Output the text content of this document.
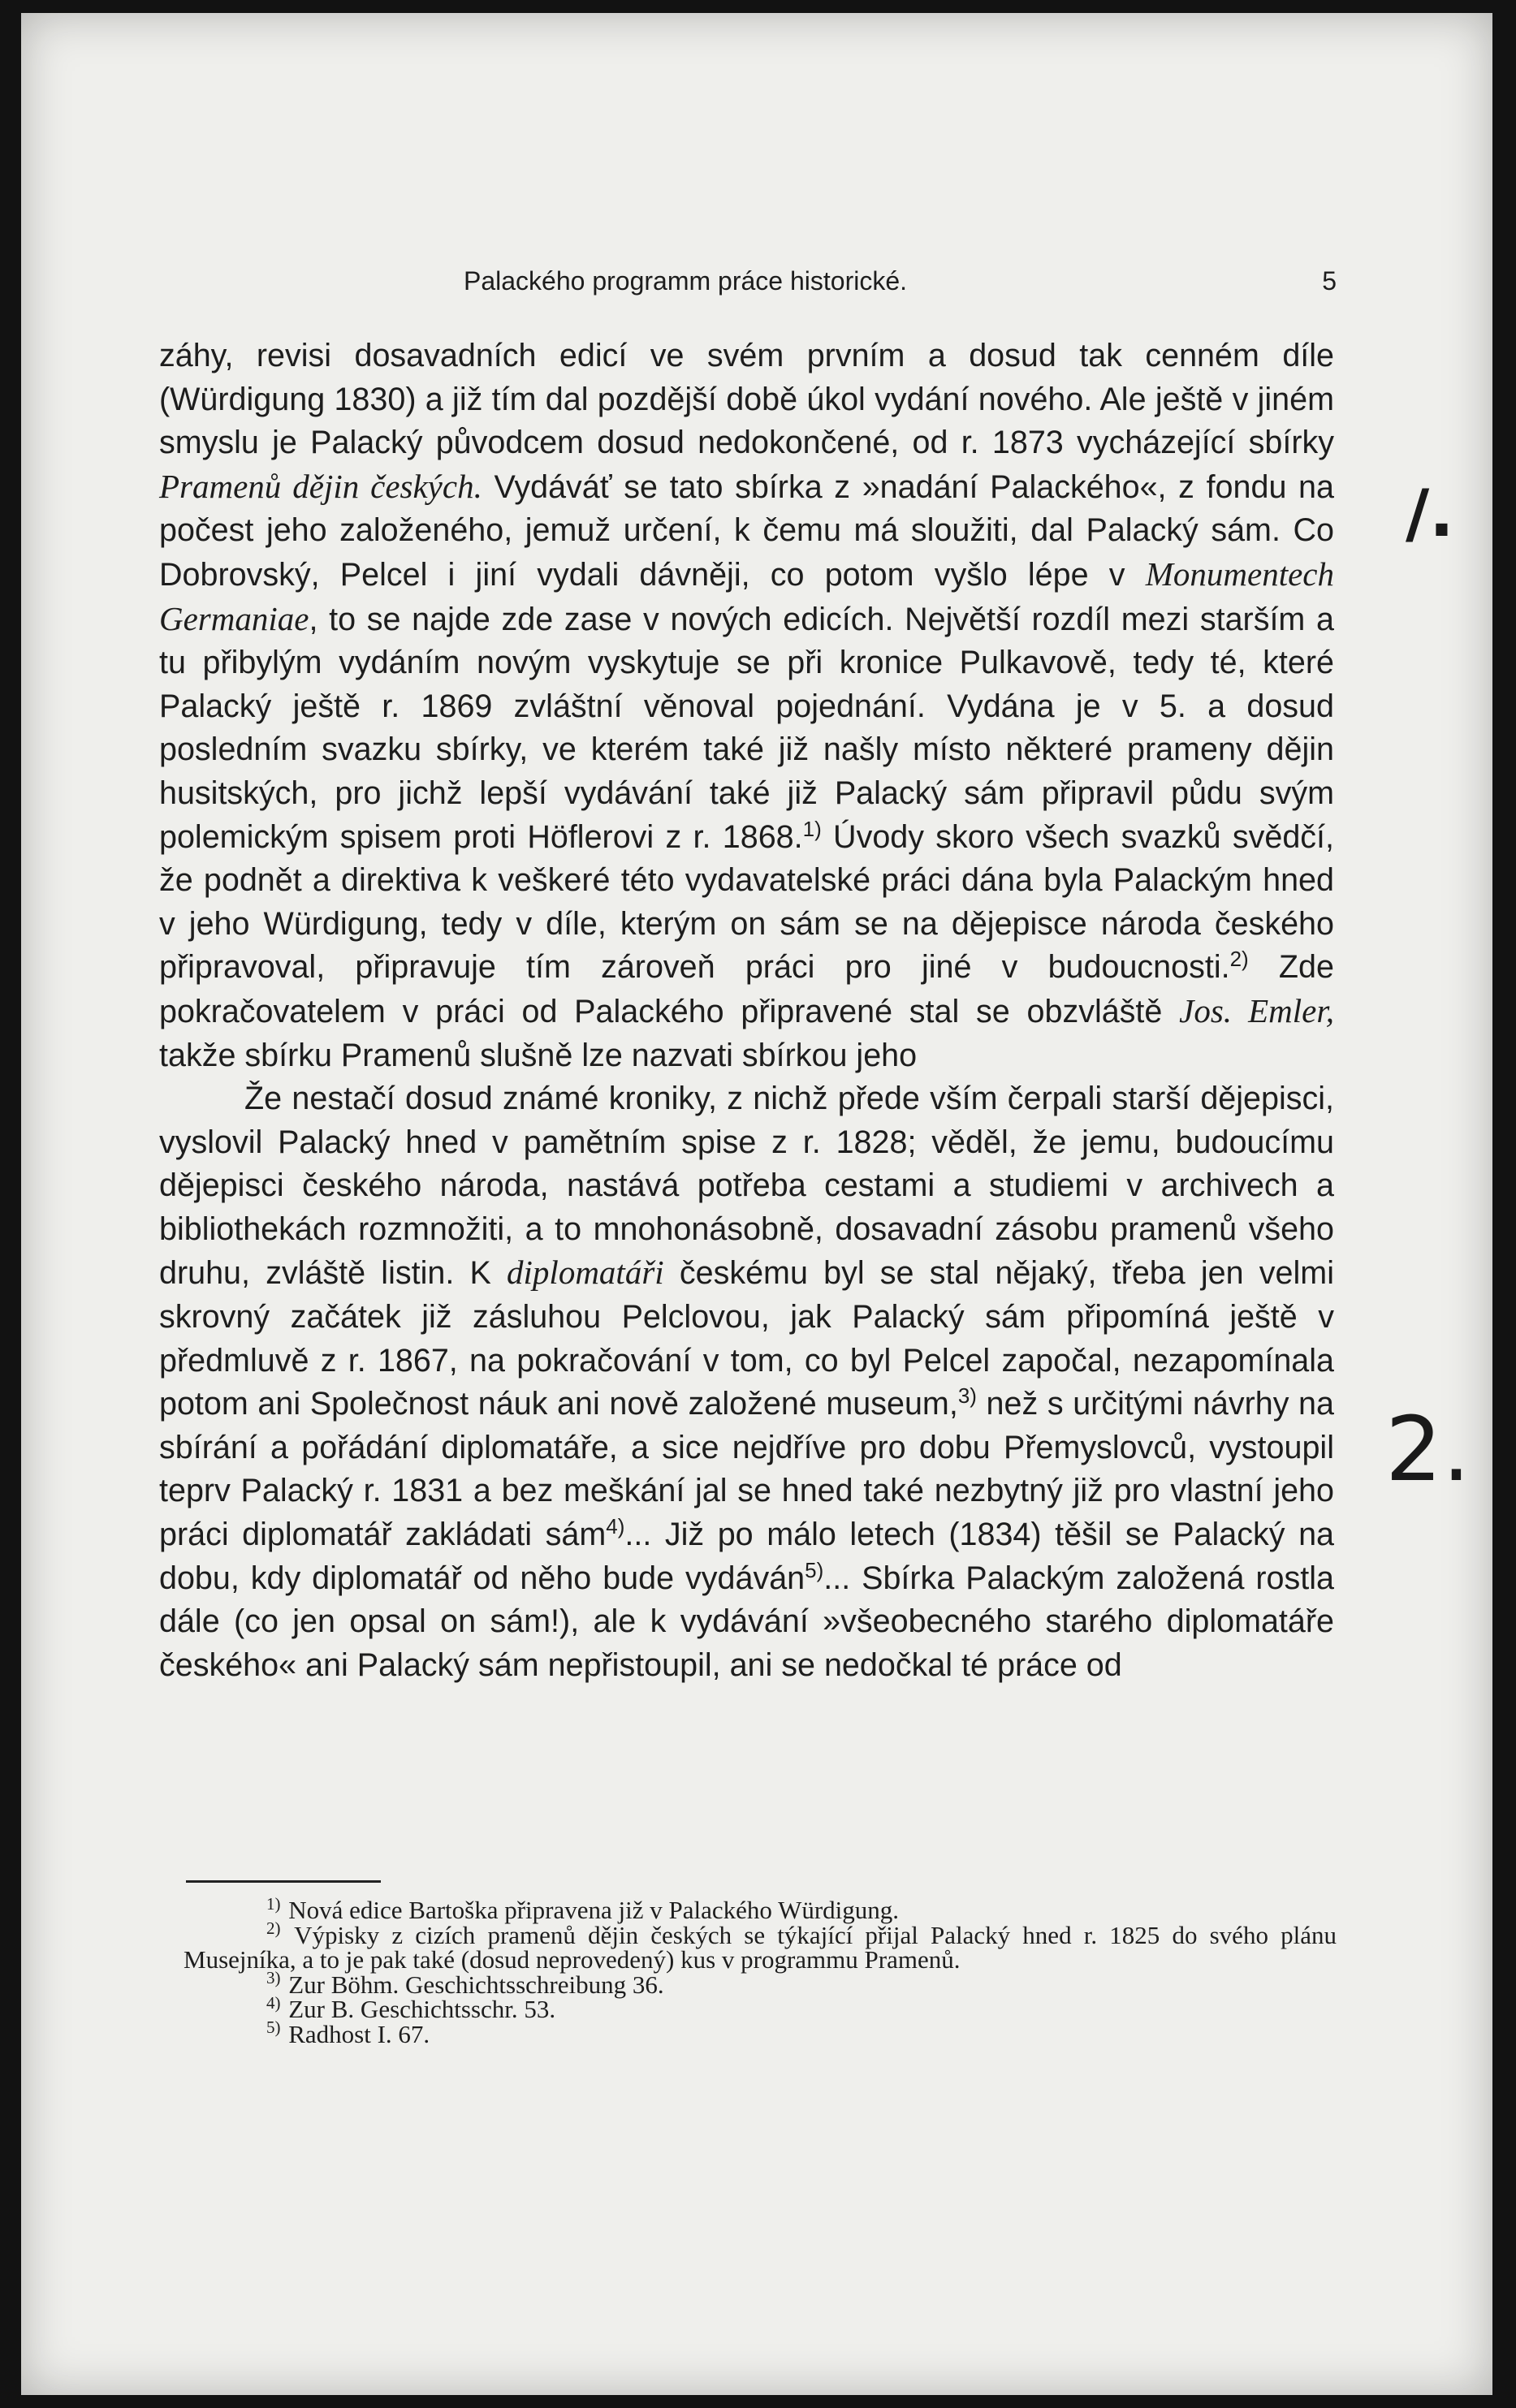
Palackého programm práce historické.	5

záhy, revisi dosavadních edicí ve svém prvním a dosud tak cenném díle (Würdigung 1830) a již tím dal pozdější době úkol vydání nového. Ale ještě v jiném smyslu je Palacký původcem dosud nedokončené, od r. 1873 vycházející sbírky Pramenů dějin českých. Vydáváť se tato sbírka z »nadání Palackého«, z fondu na počest jeho založeného, jemuž určení, k čemu má sloužiti, dal Palacký sám. Co Dobrovský, Pelcel i jiní vydali dávněji, co potom vyšlo lépe v Monumentech Germaniae, to se najde zde zase v nových edicích. Největší rozdíl mezi starším a tu přibylým vydáním novým vyskytuje se při kronice Pulkavově, tedy té, které Palacký ještě r. 1869 zvláštní věnoval pojednání. Vydána je v 5. a dosud posledním svazku sbírky, ve kterém také již našly místo některé prameny dějin husitských, pro jichž lepší vydávání také již Palacký sám připravil půdu svým polemickým spisem proti Höflerovi z r. 1868.$^{1)}$ Úvody skoro všech svazků svědčí, že podnět a direktiva k veškeré této vydavatelské práci dána byla Palackým hned v jeho Würdigung, tedy v díle, kterým on sám se na dějepisce národa českého připravoval, připravuje tím zároveň práci pro jiné v budoucnosti.$^{2)}$ Zde pokračovatelem v práci od Palackého připravené stal se obzvláště Jos. Emler, takže sbírku Pramenů slušně lze nazvati sbírkou jeho

Že nestačí dosud známé kroniky, z nichž přede vším čerpali starší dějepisci, vyslovil Palacký hned v pamětním spise z r. 1828; věděl, že jemu, budoucímu dějepisci českého národa, nastává potřeba cestami a studiemi v archivech a bibliothekách rozmnožiti, a to mnohonásobně, dosavadní zásobu pramenů všeho druhu, zvláště listin. K diplomatáři českému byl se stal nějaký, třeba jen velmi skrovný začátek již zásluhou Pelclovou, jak Palacký sám připomíná ještě v předmluvě z r. 1867, na pokračování v tom, co byl Pelcel započal, nezapomínala potom ani Společnost náuk ani nově založené museum,$^{3)}$ než s určitými návrhy na sbírání a pořádání diplomatáře, a sice nejdříve pro dobu Přemyslovců, vystoupil teprv Palacký r. 1831 a bez meškání jal se hned také nezbytný již pro vlastní jeho práci diplomatář zakládati sám$^{4)}$... Již po málo letech (1834) těšil se Palacký na dobu, kdy diplomatář od něho bude vydáván$^{5)}$... Sbírka Palackým založená rostla dále (co jen opsal on sám!), ale k vydávání »všeobecného starého diplomatáře českého« ani Palacký sám nepřistoupil, ani se nedočkal té práce od

$^{1)}$ Nová edice Bartoška připravena již v Palackého Würdigung.

$^{2)}$ Výpisky z cizích pramenů dějin českých se týkající přijal Palacký hned r. 1825 do svého plánu Musejníka, a to je pak také (dosud neprovedený) kus v programmu Pramenů.

$^{3)}$ Zur Böhm. Geschichtsschreibung 36.

$^{4)}$ Zur B. Geschichtsschr. 53.

$^{5)}$ Radhost I. 67.

/.
2.
